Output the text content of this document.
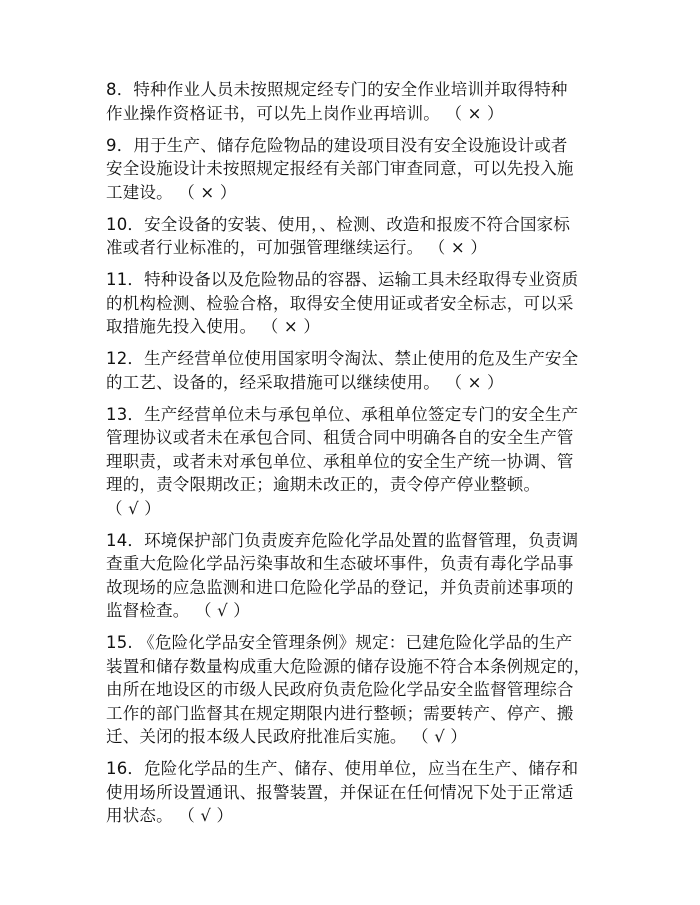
8．特种作业人员未按照规定经专门的安全作业培训并取得特种
作业操作资格证书，可以先上岗作业再培训。 （ × ）
9．用于生产、储存危险物品的建设项目没有安全设施设计或者
安全设施设计未按照规定报经有关部门审查同意，可以先投入施
工建设。 （ × ）
10．安全设备的安装、使用，、检测、改造和报废不符合国家标
准或者行业标准的，可加强管理继续运行。 （ × ）
11．特种设备以及危险物品的容器、运输工具未经取得专业资质
的机构检测、检验合格，取得安全使用证或者安全标志，可以采
取措施先投入使用。 （ × ）
12．生产经营单位使用国家明令淘汰、禁止使用的危及生产安全
的工艺、设备的，经采取措施可以继续使用。 （ × ）
13．生产经营单位未与承包单位、承租单位签定专门的安全生产
管理协议或者未在承包合同、租赁合同中明确各自的安全生产管
理职责，或者未对承包单位、承租单位的安全生产统一协调、管
理的，责令限期改正；逾期未改正的，责令停产停业整顿。
（ √ ）
14．环境保护部门负责废弃危险化学品处置的监督管理，负责调
查重大危险化学品污染事故和生态破坏事件，负责有毒化学品事
故现场的应急监测和进口危险化学品的登记，并负责前述事项的
监督检查。 （ √ ）
15. 《危险化学品安全管理条例》规定：已建危险化学品的生产
装置和储存数量构成重大危险源的储存设施不符合本条例规定的，
由所在地设区的市级人民政府负责危险化学品安全监督管理综合
工作的部门监督其在规定期限内进行整顿；需要转产、停产、搬
迁、关闭的报本级人民政府批准后实施。 （ √ ）
16．危险化学品的生产、储存、使用单位，应当在生产、储存和
使用场所设置通讯、报警装置，并保证在任何情况下处于正常适
用状态。 （ √ ）
